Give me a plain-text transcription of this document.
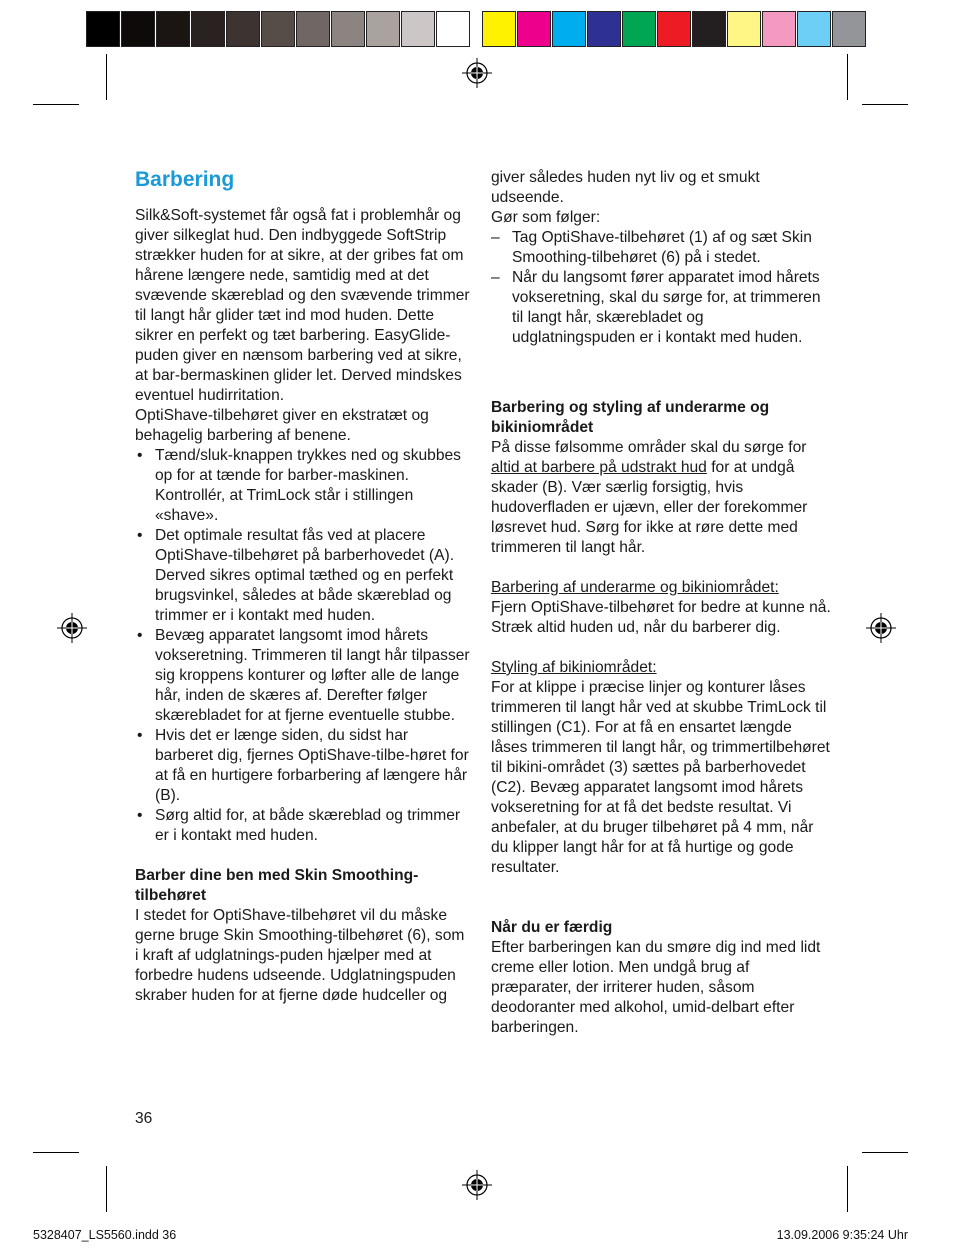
Barbering

Silk&Soft-systemet får også fat i problemhår og giver silkeglat hud. Den indbyggede SoftStrip strækker huden for at sikre, at der gribes fat om hårene længere nede, samtidig med at det svævende skæreblad og den svævende trimmer til langt hår glider tæt ind mod huden. Dette sikrer en perfekt og tæt barbering. EasyGlide-puden giver en nænsom barbering ved at sikre, at bar-bermaskinen glider let. Derved mindskes eventuel hudirritation.

OptiShave-tilbehøret giver en ekstratæt og behagelig barbering af benene.

• Tænd/sluk-knappen trykkes ned og skubbes op for at tænde for barber-maskinen. Kontrollér, at TrimLock står i stillingen «shave».
• Det optimale resultat fås ved at placere OptiShave-tilbehøret på barberhovedet (A). Derved sikres optimal tæthed og en perfekt brugsvinkel, således at både skæreblad og trimmer er i kontakt med huden.
• Bevæg apparatet langsomt imod hårets vokseretning. Trimmeren til langt hår tilpasser sig kroppens konturer og løfter alle de lange hår, inden de skæres af. Derefter følger skærebladet for at fjerne eventuelle stubbe.
• Hvis det er længe siden, du sidst har barberet dig, fjernes OptiShave-tilbe-høret for at få en hurtigere forbarbering af længere hår (B).
• Sørg altid for, at både skæreblad og trimmer er i kontakt med huden.

Barber dine ben med Skin Smoothing-tilbehøret

I stedet for OptiShave-tilbehøret vil du måske gerne bruge Skin Smoothing-tilbehøret (6), som i kraft af udglatnings-puden hjælper med at forbedre hudens udseende. Udglatningspuden skraber huden for at fjerne døde hudceller og

36

giver således huden nyt liv og et smukt udseende.

Gør som følger:

– Tag OptiShave-tilbehøret (1) af og sæt Skin Smoothing-tilbehøret (6) på i stedet.
– Når du langsomt fører apparatet imod hårets vokseretning, skal du sørge for, at trimmeren til langt hår, skærebladet og udglatningspuden er i kontakt med huden.

Barbering og styling af underarme og bikiniområdet

På disse følsomme områder skal du sørge for altid at barbere på udstrakt hud for at undgå skader (B). Vær særlig forsigtig, hvis hudoverfladen er ujævn, eller der forekommer løsrevet hud. Sørg for ikke at røre dette med trimmeren til langt hår.

Barbering af underarme og bikiniområdet:

Fjern OptiShave-tilbehøret for bedre at kunne nå. Stræk altid huden ud, når du barberer dig.

Styling af bikiniområdet:

For at klippe i præcise linjer og konturer låses trimmeren til langt hår ved at skubbe TrimLock til stillingen (C1). For at få en ensartet længde låses trimmeren til langt hår, og trimmertilbehøret til bikini-området (3) sættes på barberhovedet (C2). Bevæg apparatet langsomt imod hårets vokseretning for at få det bedste resultat. Vi anbefaler, at du bruger tilbehøret på 4 mm, når du klipper langt hår for at få hurtige og gode resultater.

Når du er færdig

Efter barberingen kan du smøre dig ind med lidt creme eller lotion. Men undgå brug af præparater, der irriterer huden, såsom deodoranter med alkohol, umid-delbart efter barberingen.

5328407_LS5560.indd 36	13.09.2006 9:35:24 Uhr
